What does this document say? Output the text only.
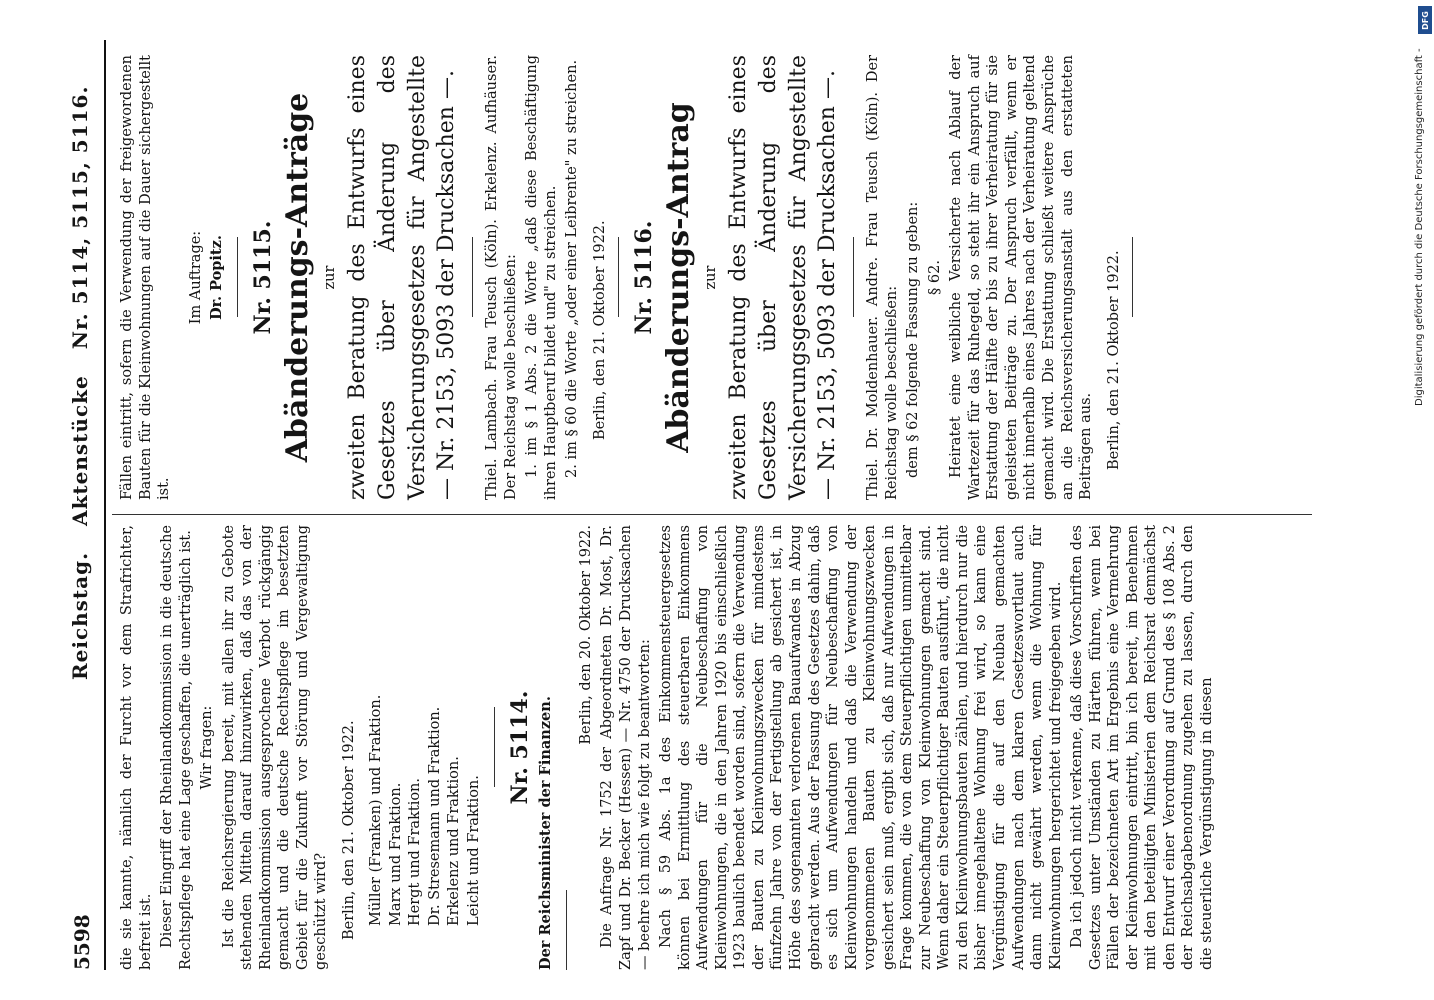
5598
Reichstag. Aktenstücke Nr. 5114, 5115, 5116.

die sie kannte, nämlich der Furcht vor dem Strafrichter, befreit ist. Dieser Eingriff der Rheinlandkommission in die deutsche Rechtspflege hat eine Lage geschaffen, die unerträglich ist. Wir fragen: Ist die Reichsregierung bereit, mit allen ihr zu Gebote stehenden Mitteln darauf hinzuwirken, daß das von der Rheinlandkommission ausgesprochene Verbot rückgängig gemacht und die deutsche Rechtspflege im besetzten Gebiet für die Zukunft vor Störung und Vergewaltigung geschützt wird? Berlin, den 21. Oktober 1922. Müller (Franken) und Fraktion. Marx und Fraktion. Hergt und Fraktion. Dr. Stresemann und Fraktion. Erkelenz und Fraktion. Leicht und Fraktion.
Nr. 5114. Der Reichsminister der Finanzen.

Berlin, den 20. Oktober 1922. Die Anfrage Nr. 1752 der Abgeordneten Dr. Most, Dr. Zapf und Dr. Becker (Hessen) — Nr. 4750 der Drucksachen — beehre ich mich wie folgt zu beantworten: Nach § 59 Abs. 1a des Einkommensteuergesetzes können bei Ermittlung des steuerbaren Einkommens Aufwendungen für die Neubeschaffung von Kleinwohnungen, die in den Jahren 1920 bis einschließlich 1923 baulich beendet worden sind, sofern die Verwendung der Bauten zu Kleinwohnungszwecken für mindestens fünfzehn Jahre von der Fertigstellung ab gesichert ist, in Höhe des sogenannten verlorenen Bauaufwandes in Abzug gebracht werden. Aus der Fassung des Gesetzes dahin, daß es sich um Aufwendungen für Neubeschaffung von Kleinwohnungen handeln und daß die Verwendung der vorgenommenen Bauten zu Kleinwohnungszwecken gesichert sein muß, ergibt sich, daß nur Aufwendungen in Frage kommen, die von dem Steuerpflichtigen unmittelbar zur Neubeschaffung von Kleinwohnungen gemacht sind. Wenn daher ein Steuerpflichtiger Bauten ausführt, die nicht zu den Kleinwohnungsbauten zählen, und hierdurch nur die bisher innegehaltene Wohnung frei wird, so kann eine Vergünstigung für die auf den Neubau gemachten Aufwendungen nach dem klaren Gesetzeswortlaut auch dann nicht gewährt werden, wenn die Wohnung für Kleinwohnungen hergerichtet und freigegeben wird. Da ich jedoch nicht verkenne, daß diese Vorschriften des Gesetzes unter Umständen zu Härten führen, wenn bei Fällen der bezeichneten Art im Ergebnis eine Vermehrung der Kleinwohnungen eintritt, bin ich bereit, im Benehmen mit den beteiligten Ministerien dem Reichsrat demnächst den Entwurf einer Verordnung auf Grund des § 108 Abs. 2 der Reichsabgabenordnung zugehen zu lassen, durch den die steuerliche Vergünstigung in diesen

Fällen eintritt, sofern die Verwendung der freigewordenen Bauten für die Kleinwohnungen auf die Dauer sichergestellt ist.

Im Auftrage: Dr. Popitz. Nr. 5115. Abänderungs-Anträge zur zweiten Beratung des Entwurfs eines Gesetzes über Änderung des Versicherungsgesetzes für Angestellte — Nr. 2153, 5093 der Drucksachen —. Thiel. Lambach. Frau Teusch (Köln). Erkelenz. Aufhäuser. Der Reichstag wolle beschließen: 1. im § 1 Abs. 2 die Worte „daß diese Beschäftigung ihren Hauptberuf bildet und" zu streichen. 2. im § 60 die Worte „oder einer Leibrente" zu streichen. Berlin, den 21. Oktober 1922. Nr. 5116. Abänderungs-Antrag zur zweiten Beratung des Entwurfs eines Gesetzes über Änderung des Versicherungsgesetzes für Angestellte — Nr. 2153, 5093 der Drucksachen —. Thiel. Dr. Moldenhauer. Andre. Frau Teusch (Köln). Der Reichstag wolle beschließen: dem § 62 folgende Fassung zu geben: § 62. Heiratet eine weibliche Versicherte nach Ablauf der Wartezeit für das Ruhegeld, so steht ihr ein Anspruch auf Erstattung der Hälfte der bis zu ihrer Verheiratung für sie geleisteten Beiträge zu. Der Anspruch verfällt, wenn er nicht innerhalb eines Jahres nach der Verheiratung geltend gemacht wird. Die Erstattung schließt weitere Ansprüche an die Reichsversicherungsanstalt aus den erstatteten Beiträgen aus. Berlin, den 21. Oktober 1922.	Digitalisierung gefördert durch die Deutsche Forschungsgemeinschaft -
DFG
